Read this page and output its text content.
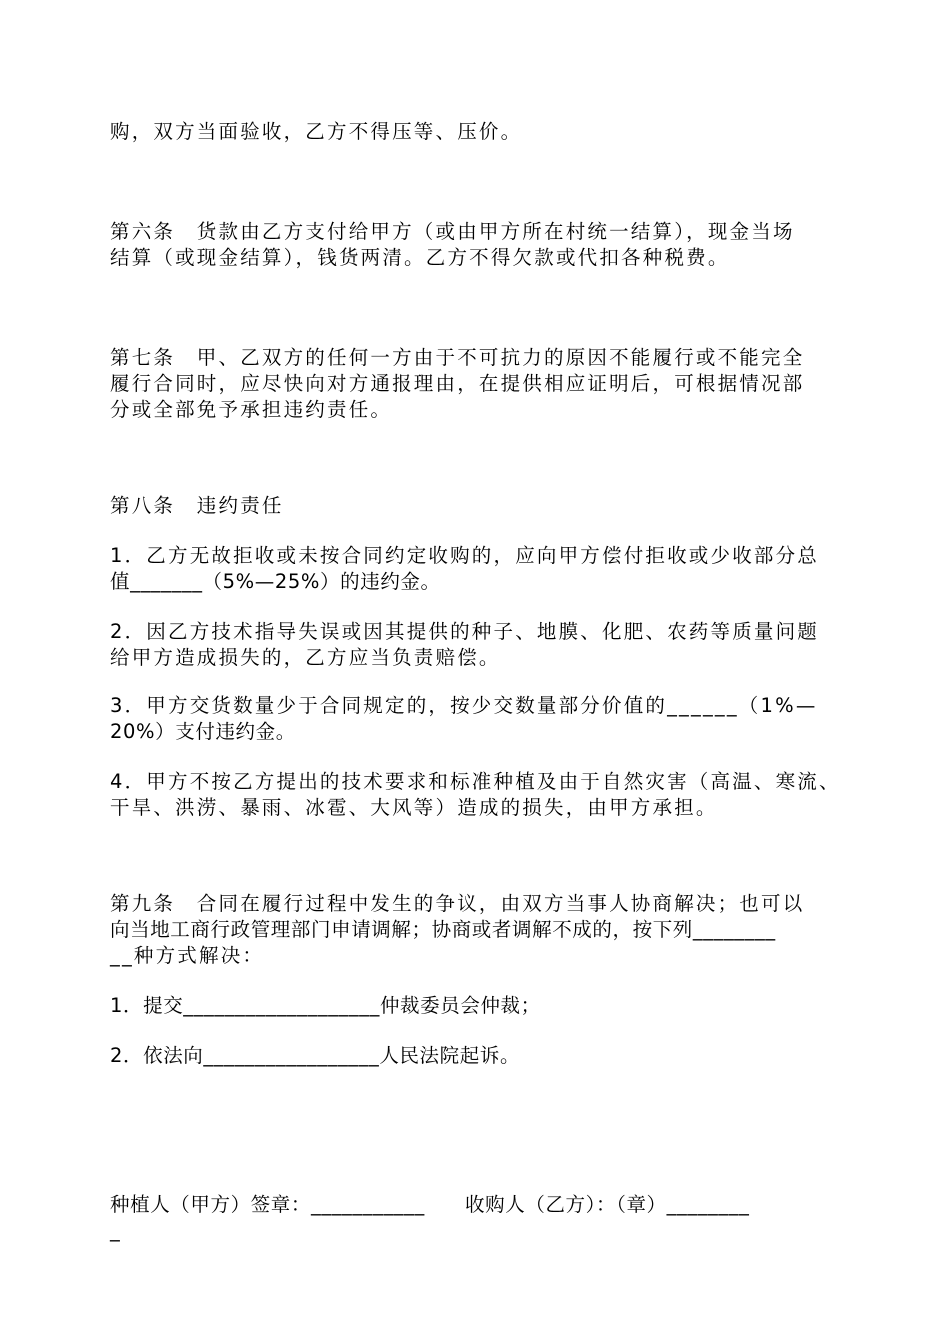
购，双方当面验收，乙方不得压等、压价。
第六条　货款由乙方支付给甲方（或由甲方所在村统一结算），现金当场
结算（或现金结算），钱货两清。乙方不得欠款或代扣各种税费。
第七条　甲、乙双方的任何一方由于不可抗力的原因不能履行或不能完全
履行合同时，应尽快向对方通报理由，在提供相应证明后，可根据情况部
分或全部免予承担违约责任。
第八条　违约责任
1．乙方无故拒收或未按合同约定收购的，应向甲方偿付拒收或少收部分总
值_______（5%—25%）的违约金。
2．因乙方技术指导失误或因其提供的种子、地膜、化肥、农药等质量问题
给甲方造成损失的，乙方应当负责赔偿。
3．甲方交货数量少于合同规定的，按少交数量部分价值的______（1%—
20%）支付违约金。
4．甲方不按乙方提出的技术要求和标准种植及由于自然灾害（高温、寒流、
干旱、洪涝、暴雨、冰雹、大风等）造成的损失，由甲方承担。
第九条　合同在履行过程中发生的争议，由双方当事人协商解决；也可以
向当地工商行政管理部门申请调解；协商或者调解不成的，按下列________
__种方式解决：
1．提交___________________仲裁委员会仲裁；
2．依法向_________________人民法院起诉。
种植人（甲方）签章：___________　　收购人（乙方）：（章）________
_
